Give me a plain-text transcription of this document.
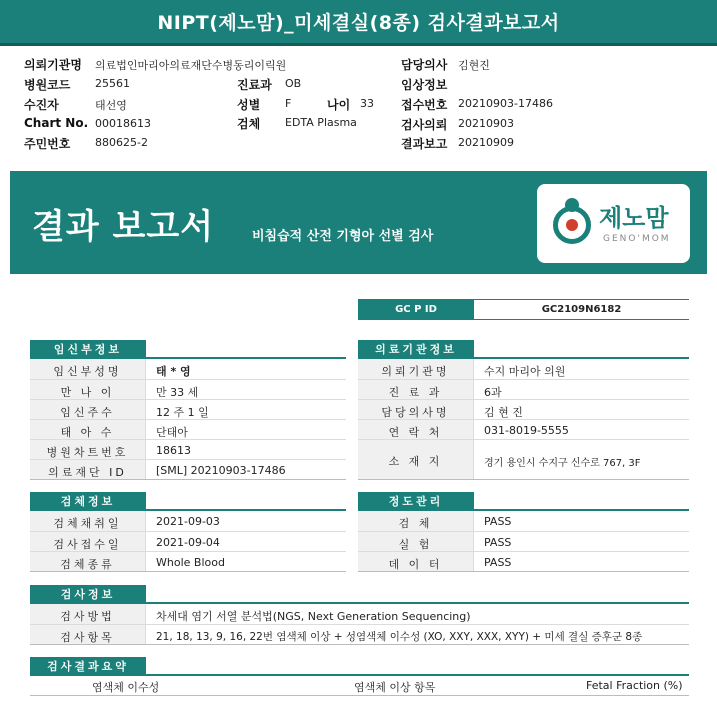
NIPT(제노맘)_미세결실(8종) 검사결과보고서
의뢰기관명 의료법인마리아의료재단수병동리이릭원
병원코드 25561
수진자	태선영
Chart No. 00018613
주민번호 880625-2
진료과 OB
성별 F	나이 33
검체 EDTA Plasma
담당의사 김현진
임상정보
접수번호 20210903-17486
검사의뢰 20210903
결과보고 20210909
결과 보고서	비침습적 산전 기형아 선별 검사
제노맘
GENO'MOM
GC P ID	GC2109N6182
임신부정보
임신부성명	태 * 영
만 나 이	만 33 세
임신주수	12 주 1 일
태 아 수	단태아
병원차트번호	18613
의료재단 ID	[SML] 20210903-17486
의료기관정보
의뢰기관명	수지 마리아 의원
진 료 과	6과
담당의사명	김 현 진
연 락 처	031-8019-5555
소 재 지	경기 용인시 수지구 신수로 767, 3F
검체정보
검체채취일	2021-09-03
검사접수일	2021-09-04
검체종류	Whole Blood
정도관리
검 체	PASS
실 험	PASS
데 이 터	PASS
검사정보
검사방법	차세대 염기 서열 분석법(NGS, Next Generation Sequencing)
검사항목	21, 18, 13, 9, 16, 22번 염색체 이상 + 성염색체 이수성 (XO, XXY, XXX, XYY) + 미세 결실 증후군 8종
검사결과요약
염색체 이수성	염색체 이상 항목	Fetal Fraction (%)
